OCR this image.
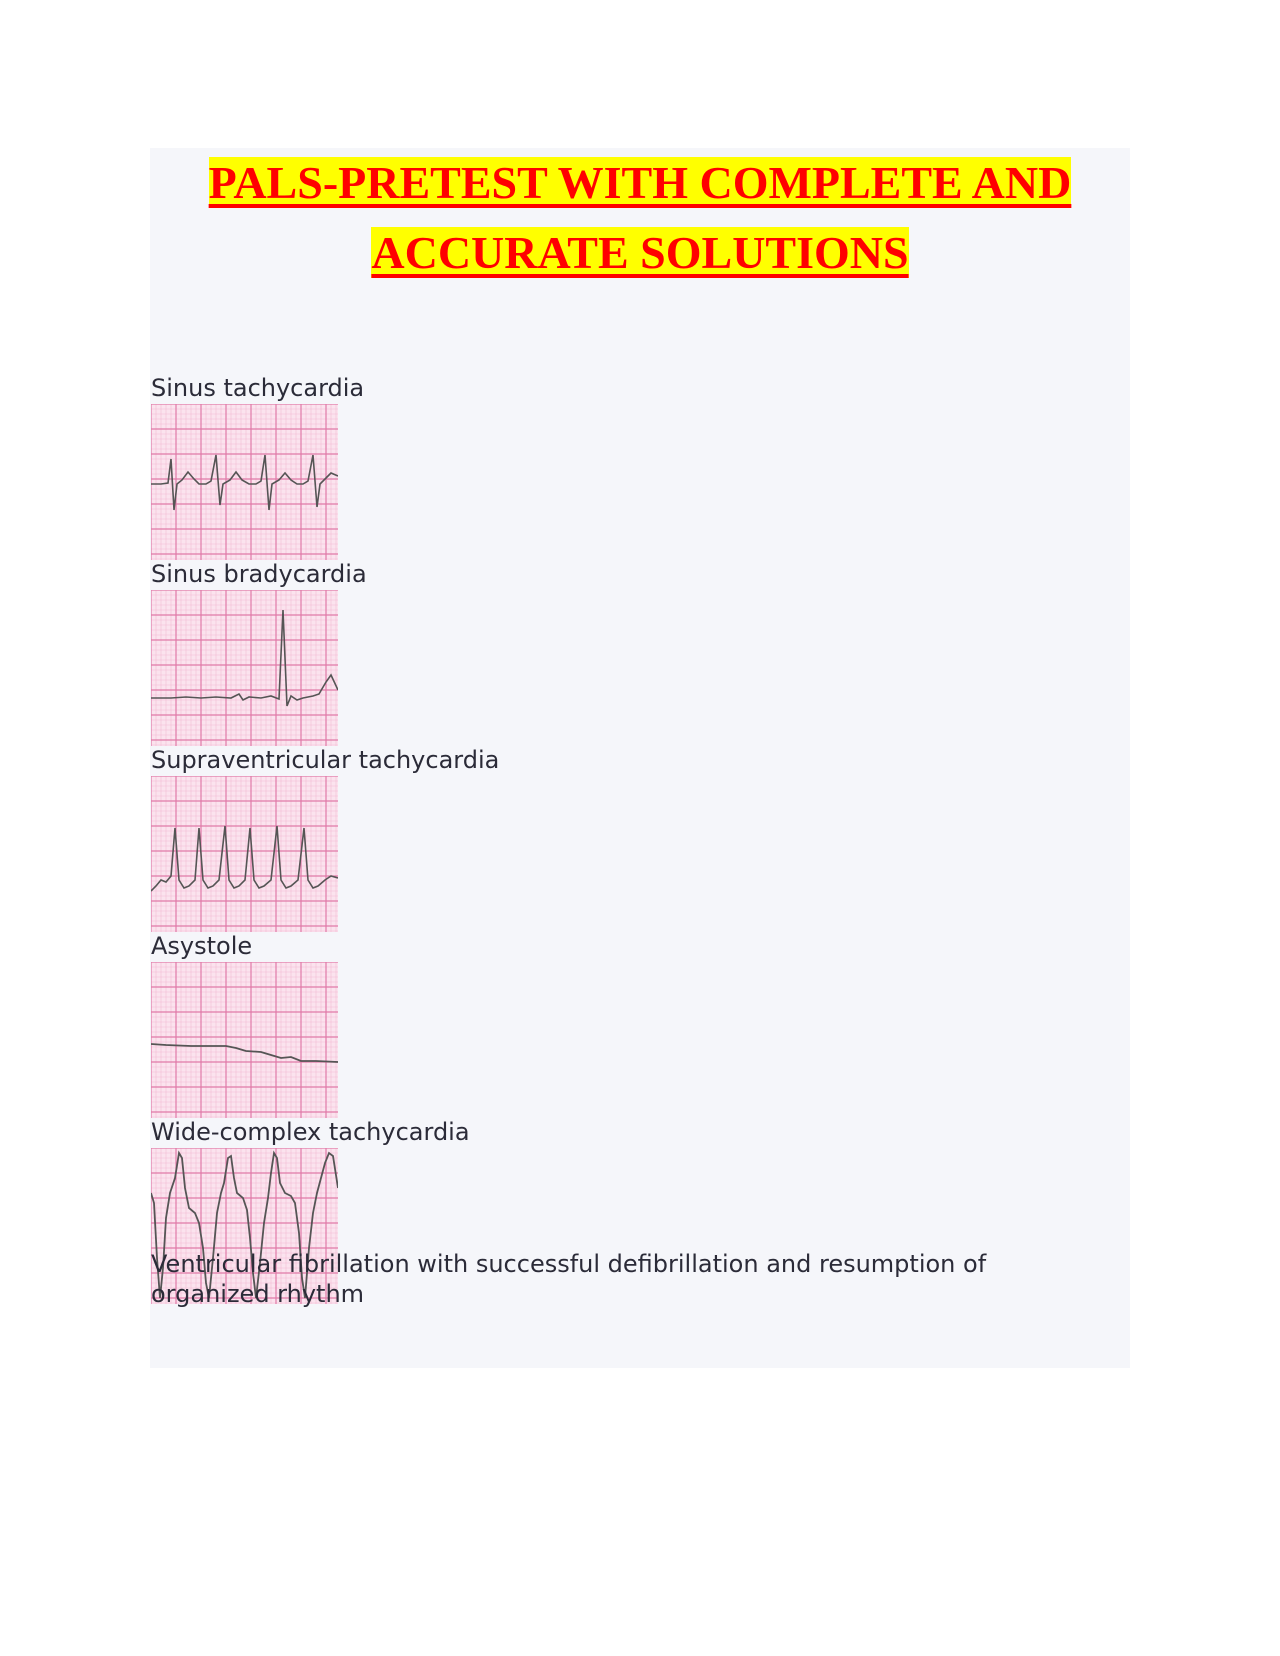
PALS-PRETEST WITH COMPLETE AND
ACCURATE SOLUTIONS

Sinus tachycardia

Sinus bradycardia

Supraventricular tachycardia

Asystole

Wide-complex tachycardia

Ventricular fibrillation with successful defibrillation and resumption of
organized rhythm
